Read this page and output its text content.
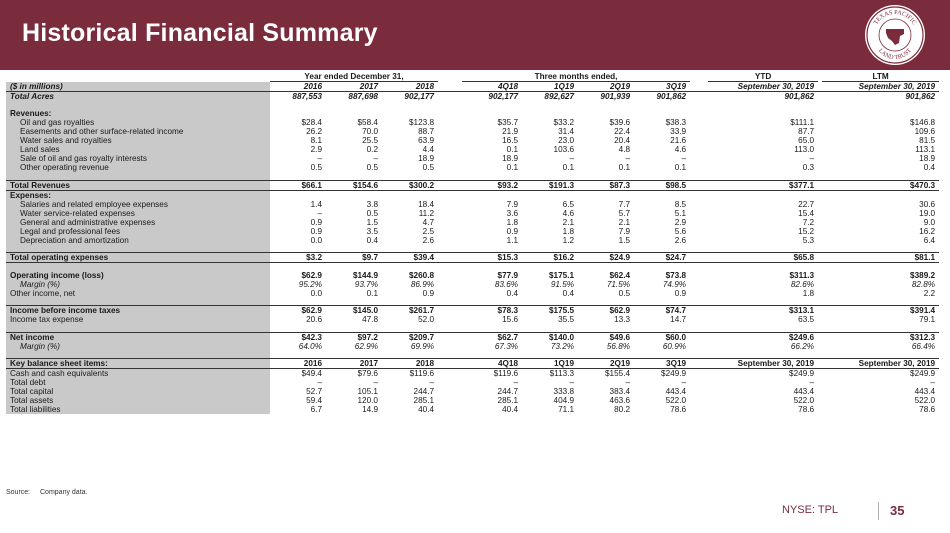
Historical Financial Summary	TEXAS PACIFIC
LAND TRUST
	Year ended December 31,				Three months ended,					YTD		LTM
($ in millions)	2016	2017	2018		4Q18	1Q19	2Q19	3Q19		September 30, 2019		September 30, 2019
Total Acres	887,553	887,698	902,177		902,177	892,627	901,939	901,862		901,862		901,862

Revenues:												
Oil and gas royalties	$28.4	$58.4	$123.8		$35.7	$33.2	$39.6	$38.3		$111.1		$146.8
Easements and other surface-related income	26.2	70.0	88.7		21.9	31.4	22.4	33.9		87.7		109.6
Water sales and royalties	8.1	25.5	63.9		16.5	23.0	20.4	21.6		65.0		81.5
Land sales	2.9	0.2	4.4		0.1	103.6	4.8	4.6		113.0		113.1
Sale of oil and gas royalty interests	–	–	18.9		18.9	–	–	–		–		18.9
Other operating revenue	0.5	0.5	0.5		0.1	0.1	0.1	0.1		0.3		0.4

Total Revenues	$66.1	$154.6	$300.2		$93.2	$191.3	$87.3	$98.5		$377.1		$470.3
Expenses:												
Salaries and related employee expenses	1.4	3.8	18.4		7.9	6.5	7.7	8.5		22.7		30.6
Water service-related expenses	–	0.5	11.2		3.6	4.6	5.7	5.1		15.4		19.0
General and administrative expenses	0.9	1.5	4.7		1.8	2.1	2.1	2.9		7.2		9.0
Legal and professional fees	0.9	3.5	2.5		0.9	1.8	7.9	5.6		15.2		16.2
Depreciation and amortization	0.0	0.4	2.6		1.1	1.2	1.5	2.6		5.3		6.4

Total operating expenses	$3.2	$9.7	$39.4		$15.3	$16.2	$24.9	$24.7		$65.8		$81.1

Operating income (loss)	$62.9	$144.9	$260.8		$77.9	$175.1	$62.4	$73.8		$311.3		$389.2
Margin (%)	95.2%	93.7%	86.9%		83.6%	91.5%	71.5%	74.9%		82.6%		82.8%
Other income, net	0.0	0.1	0.9		0.4	0.4	0.5	0.9		1.8		2.2

Income before income taxes	$62.9	$145.0	$261.7		$78.3	$175.5	$62.9	$74.7		$313.1		$391.4
Income tax expense	20.6	47.8	52.0		15.6	35.5	13.3	14.7		63.5		79.1

Net income	$42.3	$97.2	$209.7		$62.7	$140.0	$49.6	$60.0		$249.6		$312.3
Margin (%)	64.0%	62.9%	69.9%		67.3%	73.2%	56.8%	60.9%		66.2%		66.4%

Key balance sheet items:	2016	2017	2018		4Q18	1Q19	2Q19	3Q19		September 30, 2019		September 30, 2019
Cash and cash equivalents	$49.4	$79.6	$119.6		$119.6	$113.3	$155.4	$249.9		$249.9		$249.9
Total debt	–	–	–		–	–	–	–		–		–
Total capital	52.7	105.1	244.7		244.7	333.8	383.4	443.4		443.4		443.4
Total assets	59.4	120.0	285.1		285.1	404.9	463.6	522.0		522.0		522.0
Total liabilities	6.7	14.9	40.4		40.4	71.1	80.2	78.6		78.6		78.6
Source: Company data.
NYSE: TPL	35
